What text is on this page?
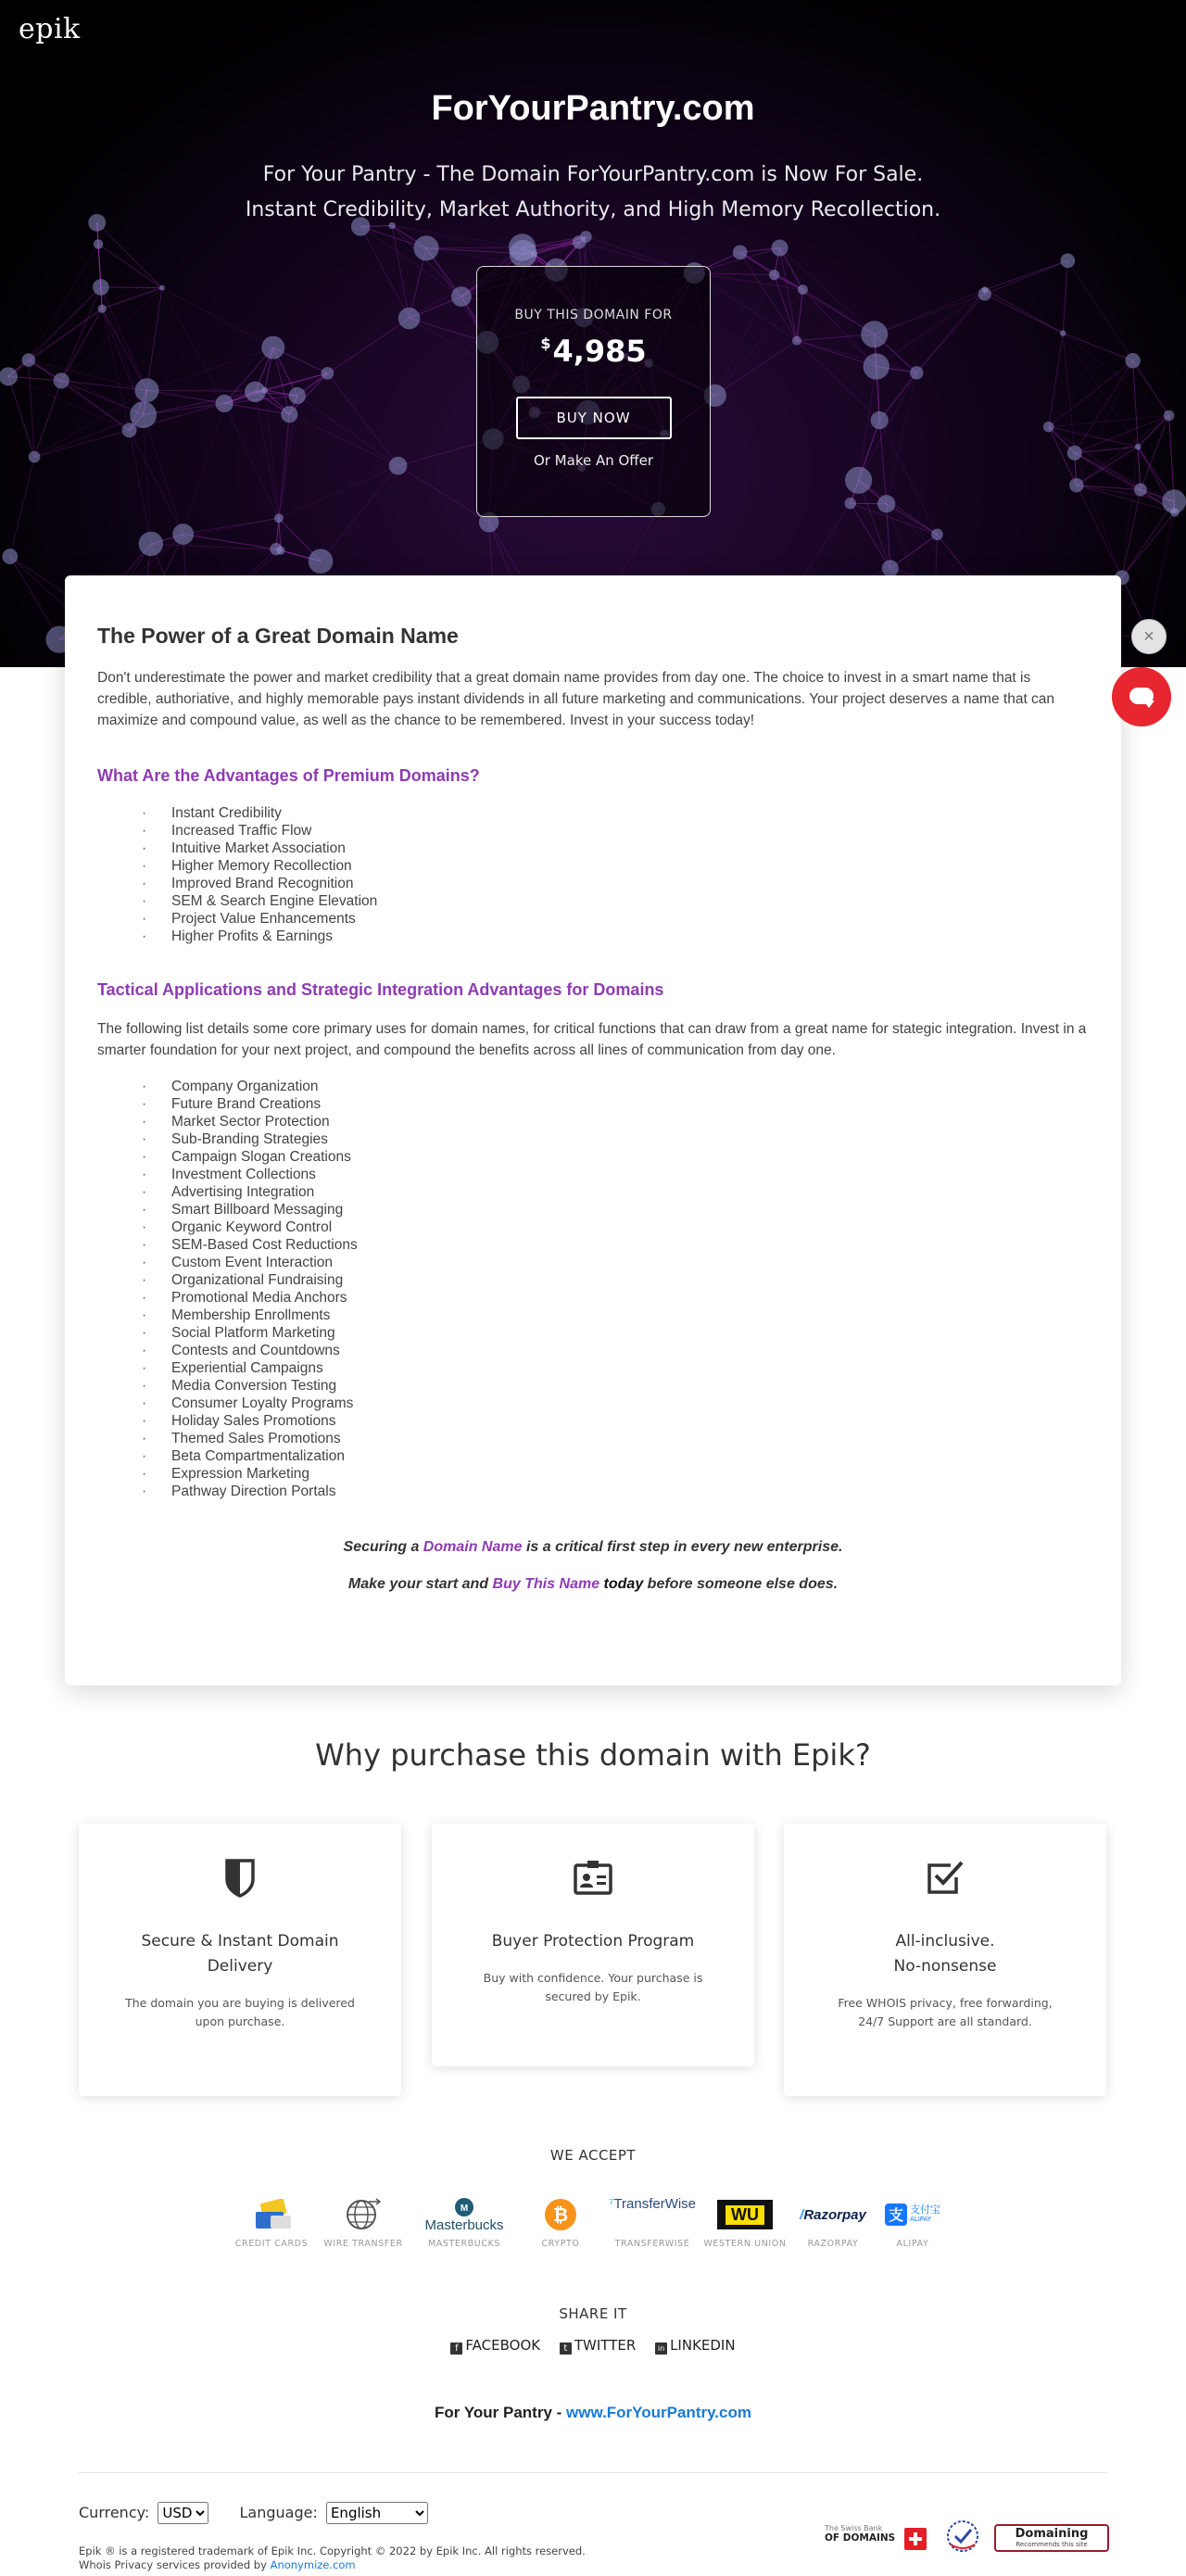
epik
ForYourPantry.com
For Your Pantry - The Domain ForYourPantry.com is Now For Sale.
Instant Credibility, Market Authority, and High Memory Recollection.
BUY THIS DOMAIN FOR
$4,985
BUY NOW
Or Make An Offer
The Power of a Great Domain Name

Don't underestimate the power and market credibility that a great domain name provides from day one. The choice to invest in a smart name that is credible, authoriative, and highly memorable pays instant dividends in all future marketing and communications. Your project deserves a name that can maximize and compound value, as well as the chance to be remembered. Invest in your success today!

What Are the Advantages of Premium Domains?
· Instant Credibility
· Increased Traffic Flow
· Intuitive Market Association
· Higher Memory Recollection
· Improved Brand Recognition
· SEM & Search Engine Elevation
· Project Value Enhancements
· Higher Profits & Earnings
Tactical Applications and Strategic Integration Advantages for Domains

The following list details some core primary uses for domain names, for critical functions that can draw from a great name for stategic integration. Invest in a smarter foundation for your next project, and compound the benefits across all lines of communication from day one.

· Company Organization
· Future Brand Creations
· Market Sector Protection
· Sub-Branding Strategies
· Campaign Slogan Creations
· Investment Collections
· Advertising Integration
· Smart Billboard Messaging
· Organic Keyword Control
· SEM-Based Cost Reductions
· Custom Event Interaction
· Organizational Fundraising
· Promotional Media Anchors
· Membership Enrollments
· Social Platform Marketing
· Contests and Countdowns
· Experiential Campaigns
· Media Conversion Testing
· Consumer Loyalty Programs
· Holiday Sales Promotions
· Themed Sales Promotions
· Beta Compartmentalization
· Expression Marketing
· Pathway Direction Portals
Securing a Domain Name is a critical first step in every new enterprise.
Make your start and Buy This Name today before someone else does.
×
Why purchase this domain with Epik?
Secure & Instant Domain
Delivery

The domain you are buying is delivered upon purchase.

Buyer Protection Program

Buy with confidence. Your purchase is secured by Epik.

All-inclusive.
No-nonsense

Free WHOIS privacy, free forwarding, 24/7 Support are all standard.

WE ACCEPT
CREDIT CARDS	WIRE TRANSFER
M
Masterbucks
MASTERBUCKS
₿
CRYPTO
⁷TransferWise
TRANSFERWISE
WU
WESTERN UNION
/Razorpay
RAZORPAY
支 支付宝
ALIPAY
ALIPAY
SHARE IT
f FACEBOOK	t TWITTER	in LINKEDIN
For Your Pantry - www.ForYourPantry.com
Currency:
USD	Language:
English
Epik ® is a registered trademark of Epik Inc. Copyright © 2022 by Epik Inc. All rights reserved.
Whois Privacy services provided by Anonymize.com
The Swiss Bank
OF DOMAINS	Domaining
Recommends this site
